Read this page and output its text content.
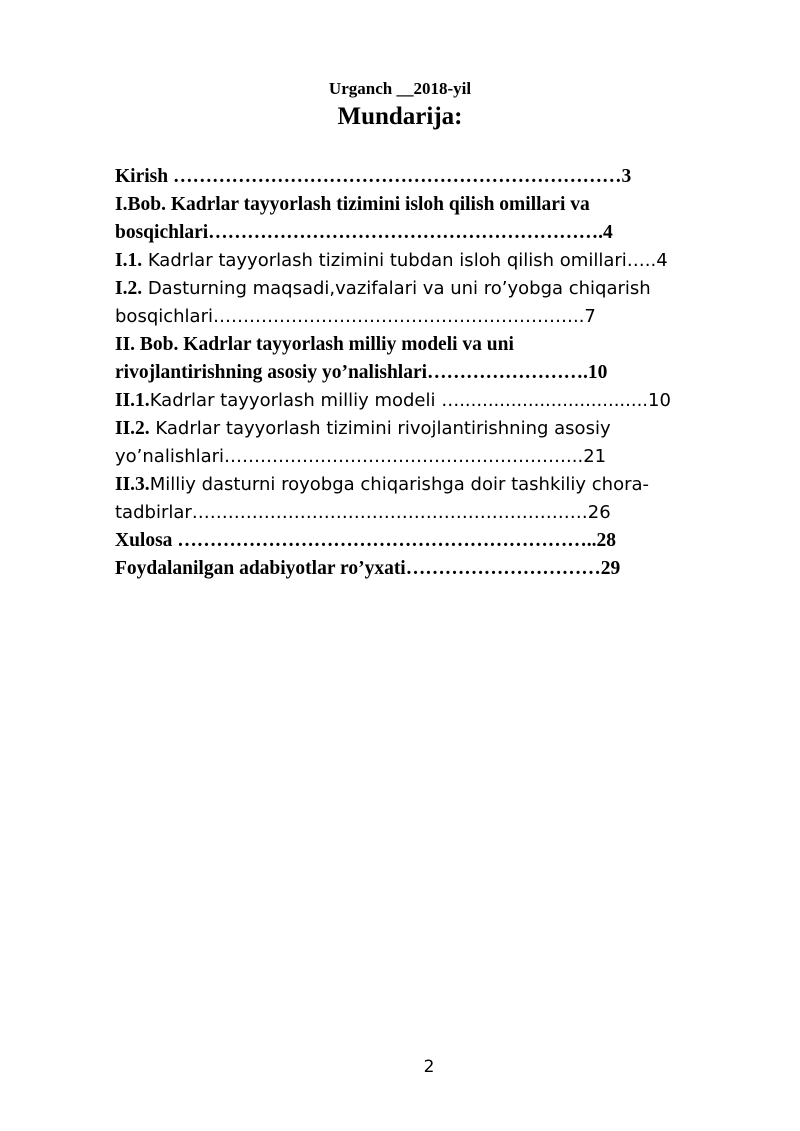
Urganch __2018-yil
Mundarija:
Kirish ……………………………………………………………3
I.Bob. Kadrlar tayyorlash tizimini isloh qilish omillari va
bosqichlari…………………………………………………….4
I.1. Kadrlar tayyorlash tizimini tubdan isloh qilish omillari…..4
I.2. Dasturning maqsadi,vazifalari va uni ro’yobga chiqarish
bosqichlari……………………………………………………..7
II. Bob. Kadrlar tayyorlash milliy modeli va uni
rivojlantirishning asosiy yo’nalishlari…………………….10
II.1.Kadrlar tayyorlash milliy modeli ….................................10
II.2. Kadrlar tayyorlash tizimini rivojlantirishning asosiy
yo’nalishlari…………………………………………………...21
II.3.Milliy dasturni royobga chiqarishga doir tashkiliy chora-
tadbirlar…………………………………………………………26
Xulosa ………………………………………………………..28
Foydalanilgan adabiyotlar ro’yxati…………………………29
2
